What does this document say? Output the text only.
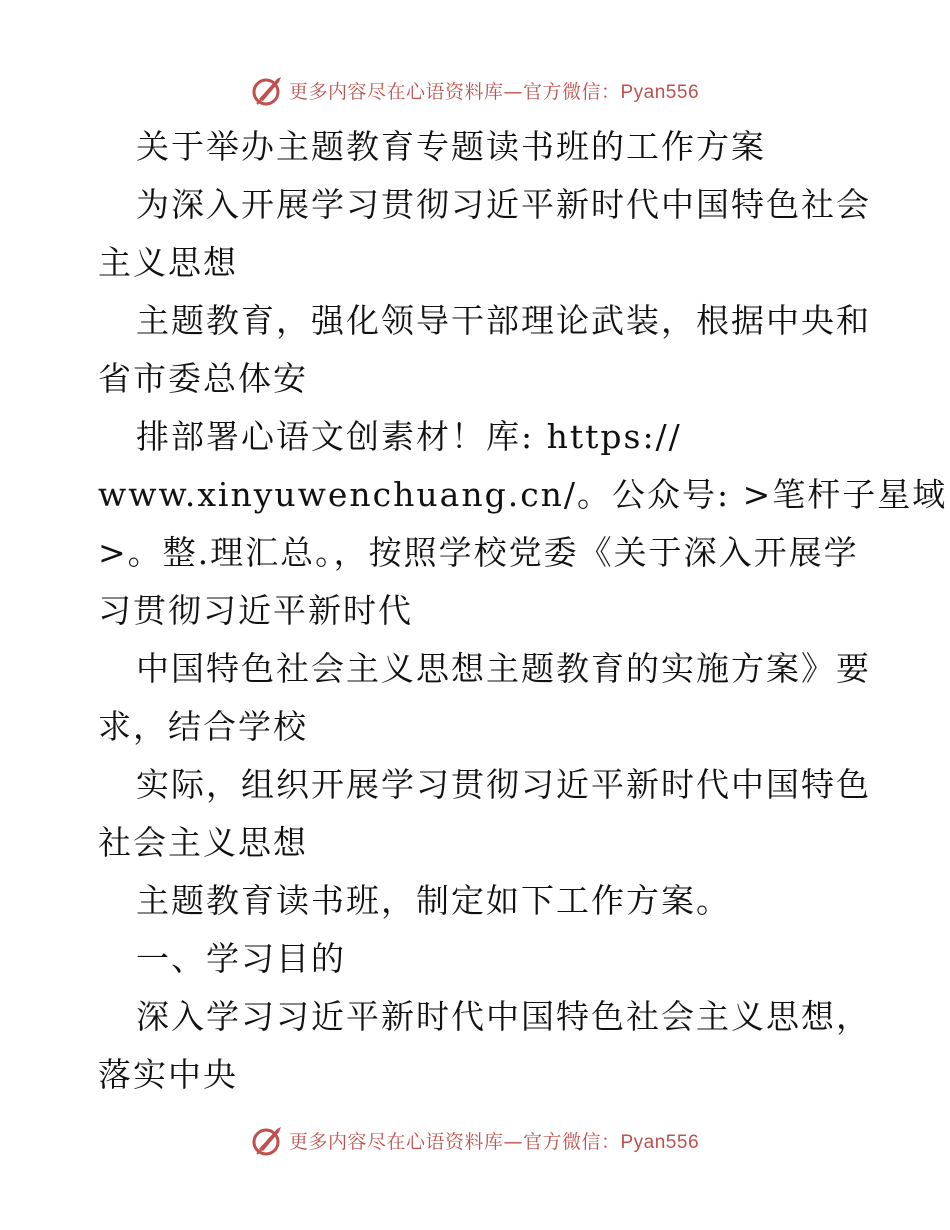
更多内容尽在心语资料库—官方微信：Pyan556
关于举办主题教育专题读书班的工作方案
为深入开展学习贯彻习近平新时代中国特色社会
主义思想
主题教育，强化领导干部理论武装，根据中央和
省市委总体安
排部署心语文创素材！库: https://
www.xinyuwenchuang.cn/。公众号: >笔杆子星域
>。整.理汇总。，按照学校党委《关于深入开展学
习贯彻习近平新时代
中国特色社会主义思想主题教育的实施方案》要
求，结合学校
实际，组织开展学习贯彻习近平新时代中国特色
社会主义思想
主题教育读书班，制定如下工作方案。
一、学习目的
深入学习习近平新时代中国特色社会主义思想，
落实中央
更多内容尽在心语资料库—官方微信：Pyan556
